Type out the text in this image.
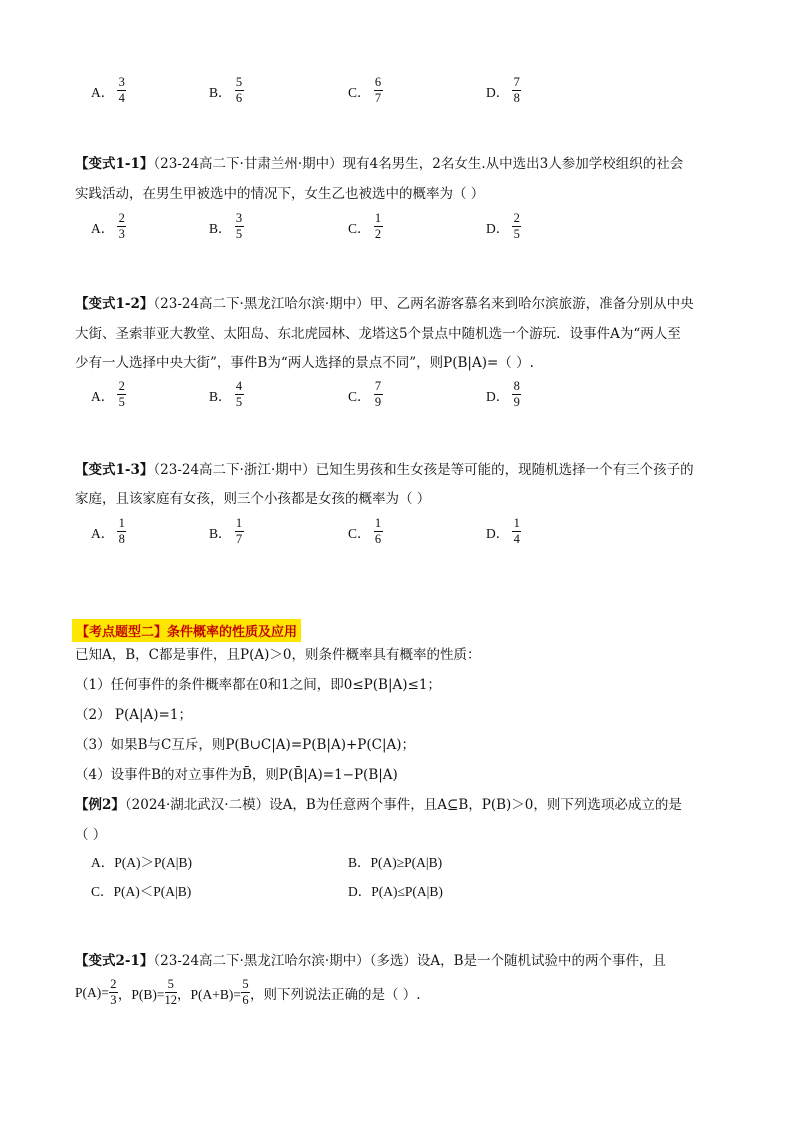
A． $\frac{3}{4}$	B． $\frac{5}{6}$	C． $\frac{6}{7}$	D． $\frac{7}{8}$
【变式1-1】（23-24高二下·甘肃兰州·期中）现有4名男生，2名女生.从中选出3人参加学校组织的社会
实践活动，在男生甲被选中的情况下，女生乙也被选中的概率为（ ）
A． $\frac{2}{3}$	B． $\frac{3}{5}$	C． $\frac{1}{2}$	D． $\frac{2}{5}$
【变式1-2】（23-24高二下·黑龙江哈尔滨·期中）甲、乙两名游客慕名来到哈尔滨旅游，准备分别从中央
大街、圣索菲亚大教堂、太阳岛、东北虎园林、龙塔这5个景点中随机选一个游玩．设事件A为“两人至
少有一人选择中央大街”，事件B为“两人选择的景点不同”，则P(B|A)=（ ）.
A． $\frac{2}{5}$	B． $\frac{4}{5}$	C． $\frac{7}{9}$	D． $\frac{8}{9}$
【变式1-3】（23-24高二下·浙江·期中）已知生男孩和生女孩是等可能的，现随机选择一个有三个孩子的
家庭，且该家庭有女孩，则三个小孩都是女孩的概率为（ ）
A． $\frac{1}{8}$	B． $\frac{1}{7}$	C． $\frac{1}{6}$	D． $\frac{1}{4}$
【考点题型二】条件概率的性质及应用
已知A，B，C都是事件，且P(A)＞0，则条件概率具有概率的性质：
（1）任何事件的条件概率都在0和1之间，即0≤P(B|A)≤1；
（2） P(A|A)=1；
（3）如果B与C互斥，则P(B∪C|A)=P(B|A)+P(C|A)；
（4）设事件B的对立事件为B̄，则P(B̄|A)=1−P(B|A)
【例2】（2024·湖北武汉·二模）设A，B为任意两个事件，且A⊆B，P(B)＞0，则下列选项必成立的是
（ ）
A．P(A)＞P(A|B)	B．P(A)≥P(A|B)
C．P(A)＜P(A|B)	D．P(A)≤P(A|B)
【变式2-1】（23-24高二下·黑龙江哈尔滨·期中）（多选）设A，B是一个随机试验中的两个事件，且
$P(A)= \frac{2}{3}$ ，$P(B)= \frac{5}{12}$ ，$P(A+B)= \frac{5}{6}$ ，则下列说法正确的是（ ）.
